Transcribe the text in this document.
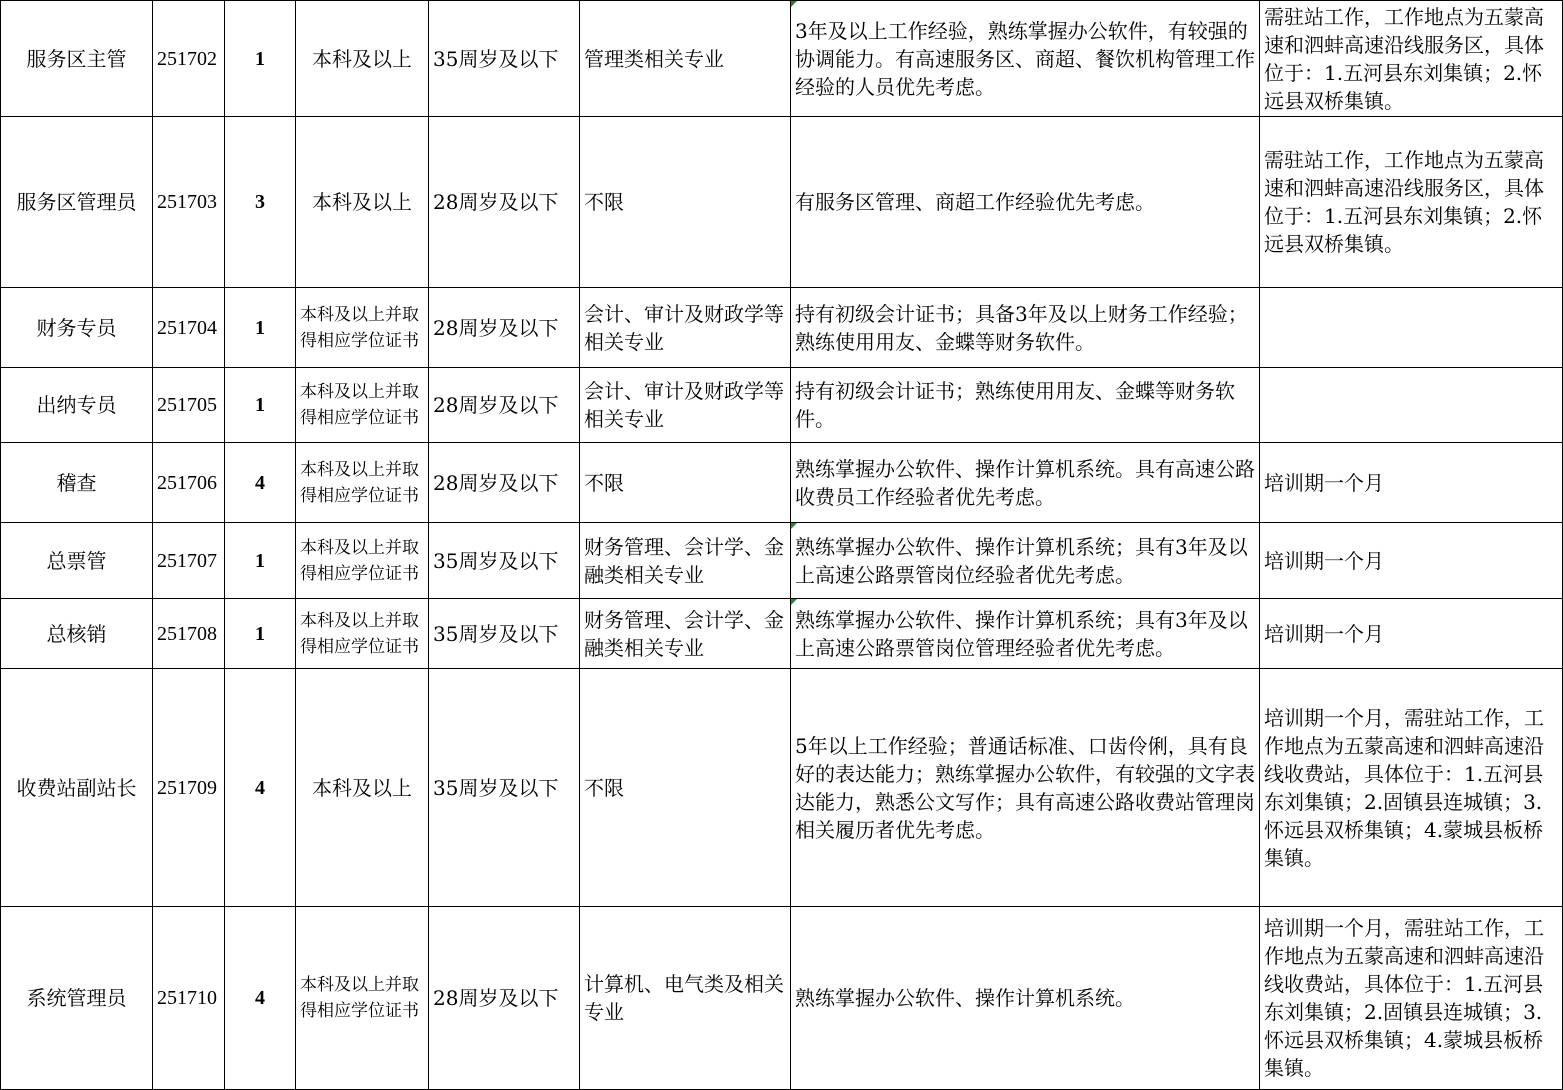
服务区主管	251702	1	本科及以上	35周岁及以下	管理类相关专业	3年及以上工作经验，熟练掌握办公软件，有较强的协调能力。有高速服务区、商超、餐饮机构管理工作经验的人员优先考虑。	需驻站工作，工作地点为五蒙高速和泗蚌高速沿线服务区，具体位于：1.五河县东刘集镇；2.怀远县双桥集镇。

服务区管理员	251703	3	本科及以上	28周岁及以下	不限	有服务区管理、商超工作经验优先考虑。	需驻站工作，工作地点为五蒙高速和泗蚌高速沿线服务区，具体位于：1.五河县东刘集镇；2.怀远县双桥集镇。

财务专员	251704	1	本科及以上并取得相应学位证书	28周岁及以下	会计、审计及财政学等相关专业	持有初级会计证书；具备3年及以上财务工作经验；熟练使用用友、金蝶等财务软件。	

出纳专员	251705	1	本科及以上并取得相应学位证书	28周岁及以下	会计、审计及财政学等相关专业	持有初级会计证书；熟练使用用友、金蝶等财务软件。	

稽查	251706	4	本科及以上并取得相应学位证书	28周岁及以下	不限	熟练掌握办公软件、操作计算机系统。具有高速公路收费员工作经验者优先考虑。	培训期一个月

总票管	251707	1	本科及以上并取得相应学位证书	35周岁及以下	财务管理、会计学、金融类相关专业	熟练掌握办公软件、操作计算机系统；具有3年及以上高速公路票管岗位经验者优先考虑。	培训期一个月

总核销	251708	1	本科及以上并取得相应学位证书	35周岁及以下	财务管理、会计学、金融类相关专业	熟练掌握办公软件、操作计算机系统；具有3年及以上高速公路票管岗位管理经验者优先考虑。	培训期一个月

收费站副站长	251709	4	本科及以上	35周岁及以下	不限	5年以上工作经验；普通话标准、口齿伶俐，具有良好的表达能力；熟练掌握办公软件，有较强的文字表达能力，熟悉公文写作；具有高速公路收费站管理岗相关履历者优先考虑。	培训期一个月，需驻站工作，工作地点为五蒙高速和泗蚌高速沿线收费站，具体位于：1.五河县东刘集镇；2.固镇县连城镇；3.怀远县双桥集镇；4.蒙城县板桥集镇。

系统管理员	251710	4	本科及以上并取得相应学位证书	28周岁及以下	计算机、电气类及相关专业	熟练掌握办公软件、操作计算机系统。	培训期一个月，需驻站工作，工作地点为五蒙高速和泗蚌高速沿线收费站，具体位于：1.五河县东刘集镇；2.固镇县连城镇；3.怀远县双桥集镇；4.蒙城县板桥集镇。
